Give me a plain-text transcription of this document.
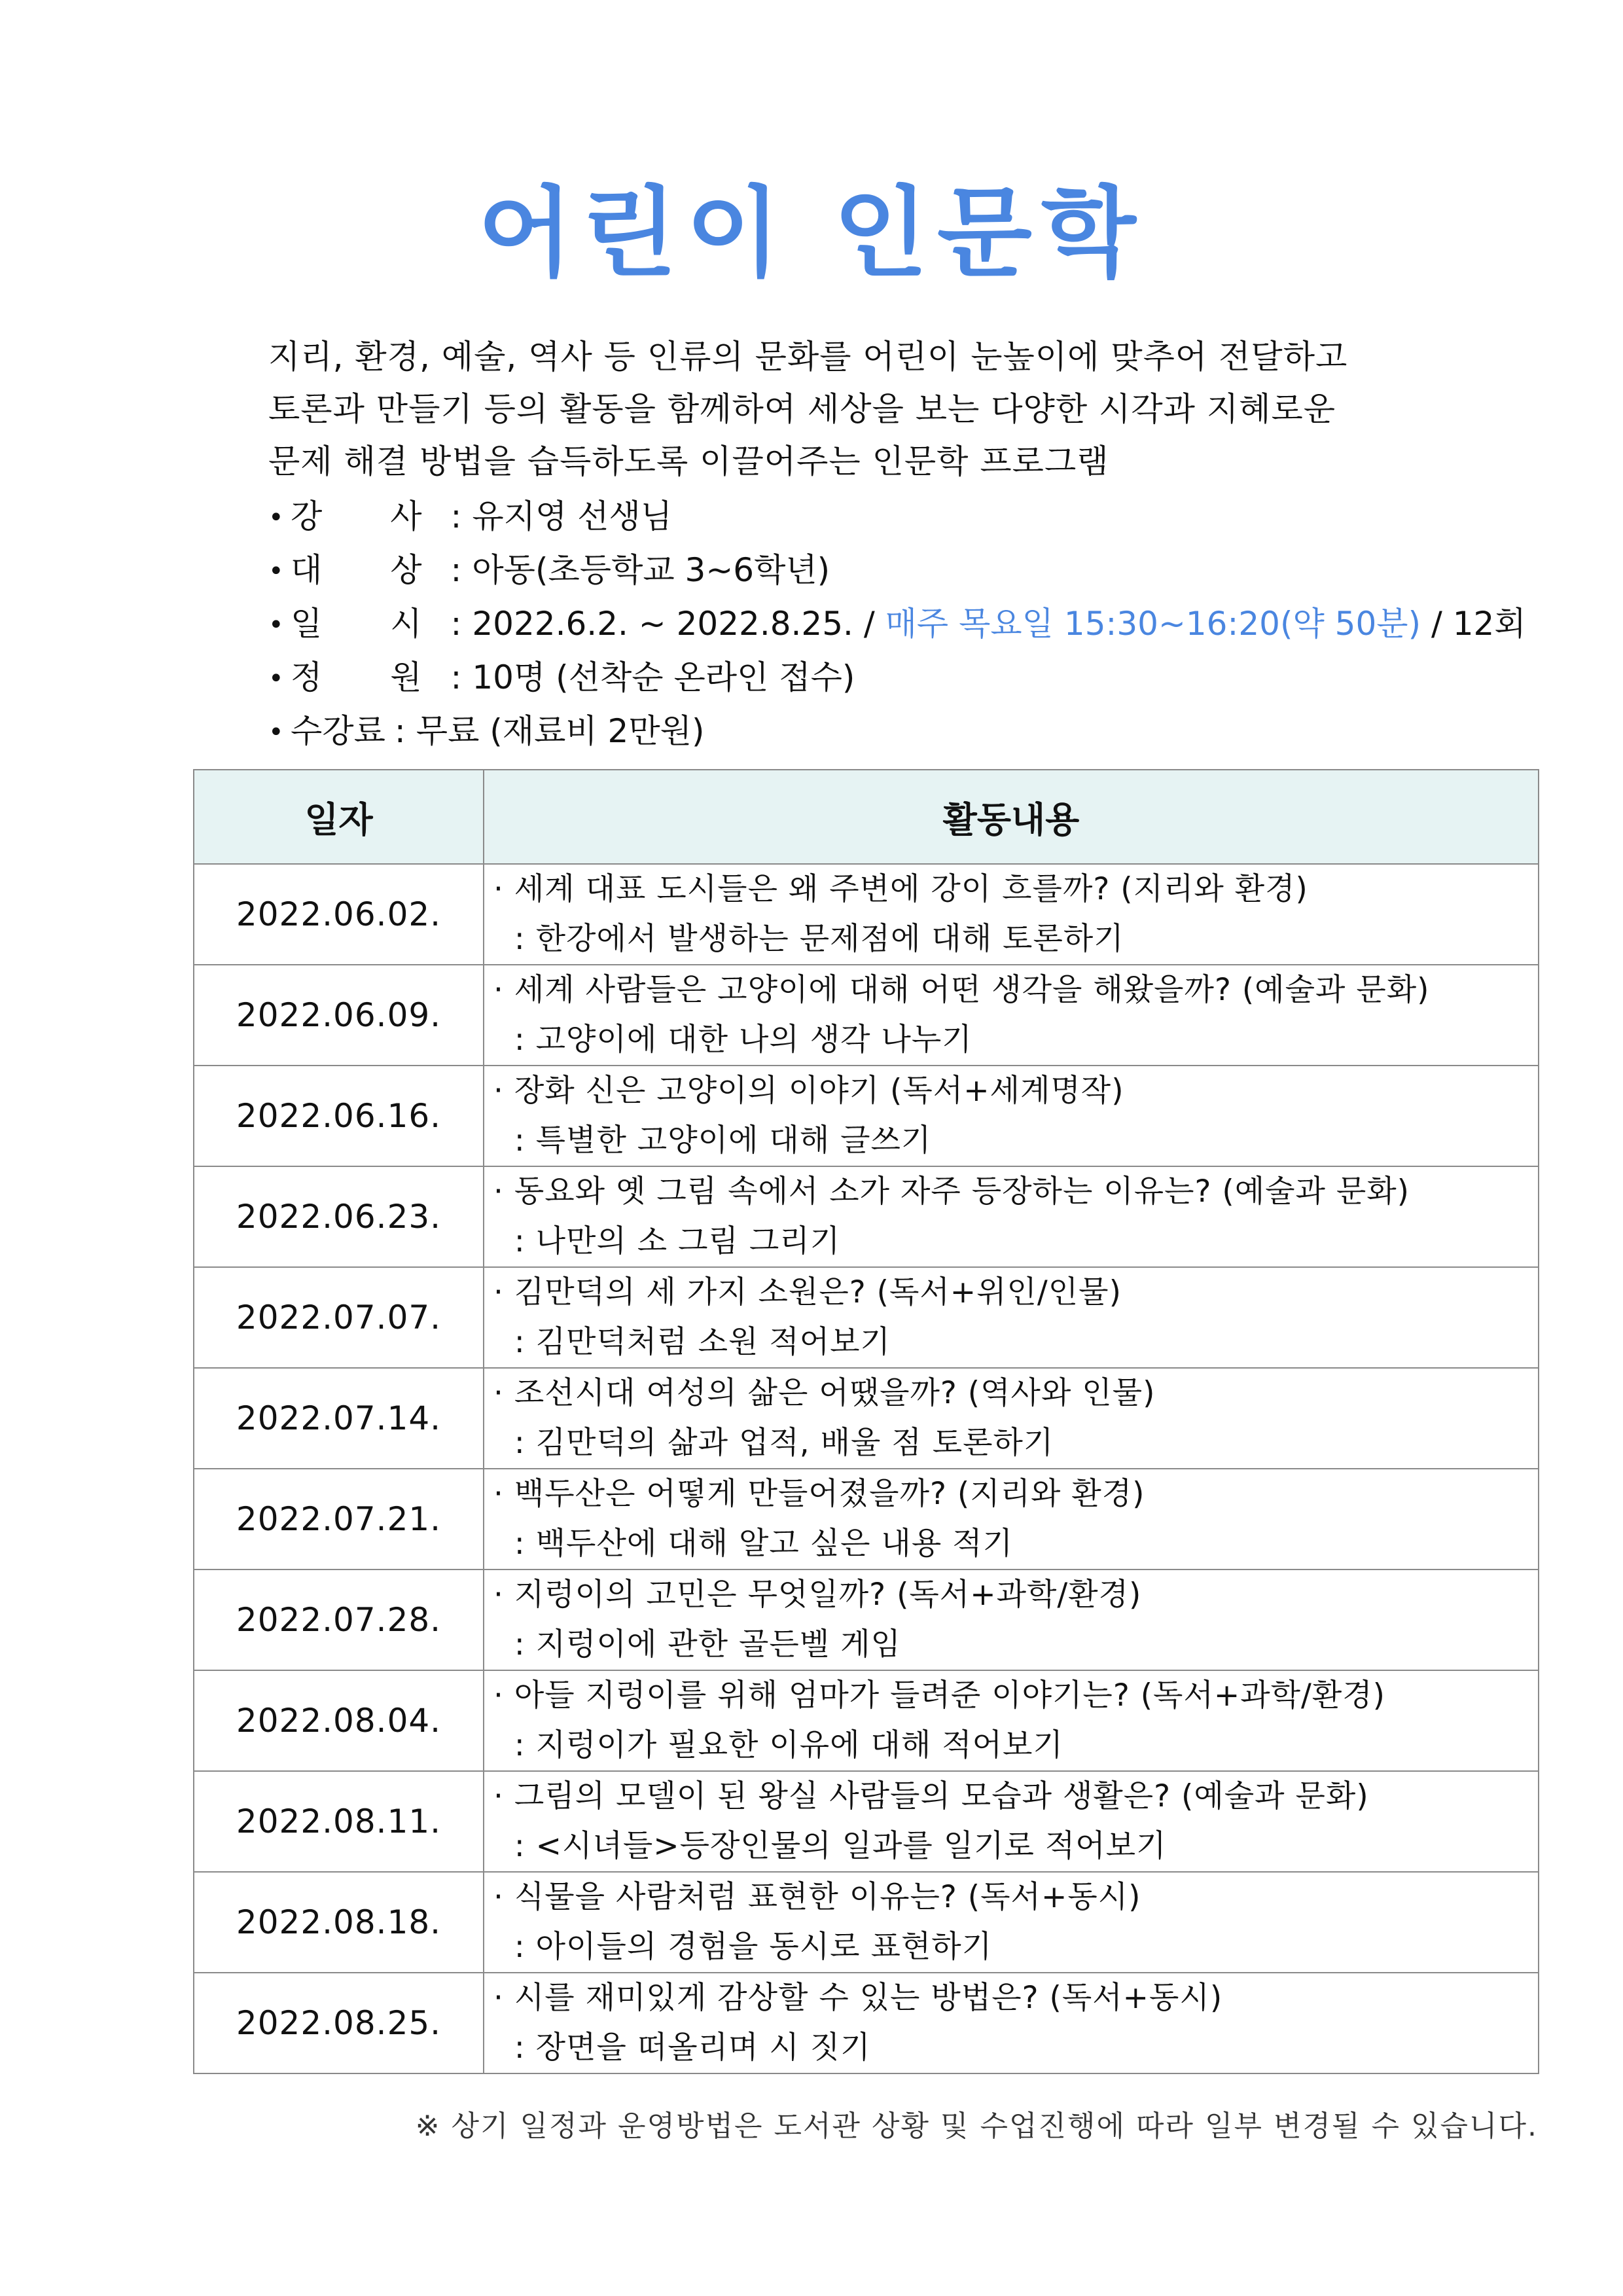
어린이 인문학
지리, 환경, 예술, 역사 등 인류의 문화를 어린이 눈높이에 맞추어 전달하고
토론과 만들기 등의 활동을 함께하여 세상을 보는 다양한 시각과 지혜로운
문제 해결 방법을 습득하도록 이끌어주는 인문학 프로그램
• 강 사: 유지영 선생님
• 대 상: 아동(초등학교 3~6학년)
• 일 시: 2022.6.2. ~ 2022.8.25. / 매주 목요일 15:30~16:20(약 50분) / 12회
• 정 원: 10명 (선착순 온라인 접수)
• 수강료 : 무료 (재료비 2만원)
일자	활동내용
2022.06.02.	· 세계 대표 도시들은 왜 주변에 강이 흐를까? (지리와 환경)
: 한강에서 발생하는 문제점에 대해 토론하기

2022.06.09.	· 세계 사람들은 고양이에 대해 어떤 생각을 해왔을까? (예술과 문화)
: 고양이에 대한 나의 생각 나누기

2022.06.16.	· 장화 신은 고양이의 이야기 (독서+세계명작)
: 특별한 고양이에 대해 글쓰기

2022.06.23.	· 동요와 옛 그림 속에서 소가 자주 등장하는 이유는? (예술과 문화)
: 나만의 소 그림 그리기

2022.07.07.	· 김만덕의 세 가지 소원은? (독서+위인/인물)
: 김만덕처럼 소원 적어보기

2022.07.14.	· 조선시대 여성의 삶은 어땠을까? (역사와 인물)
: 김만덕의 삶과 업적, 배울 점 토론하기

2022.07.21.	· 백두산은 어떻게 만들어졌을까? (지리와 환경)
: 백두산에 대해 알고 싶은 내용 적기

2022.07.28.	· 지렁이의 고민은 무엇일까? (독서+과학/환경)
: 지렁이에 관한 골든벨 게임

2022.08.04.	· 아들 지렁이를 위해 엄마가 들려준 이야기는? (독서+과학/환경)
: 지렁이가 필요한 이유에 대해 적어보기

2022.08.11.	· 그림의 모델이 된 왕실 사람들의 모습과 생활은? (예술과 문화)
: <시녀들>등장인물의 일과를 일기로 적어보기

2022.08.18.	· 식물을 사람처럼 표현한 이유는? (독서+동시)
: 아이들의 경험을 동시로 표현하기

2022.08.25.	· 시를 재미있게 감상할 수 있는 방법은? (독서+동시)
: 장면을 떠올리며 시 짓기
※ 상기 일정과 운영방법은 도서관 상황 및 수업진행에 따라 일부 변경될 수 있습니다.
